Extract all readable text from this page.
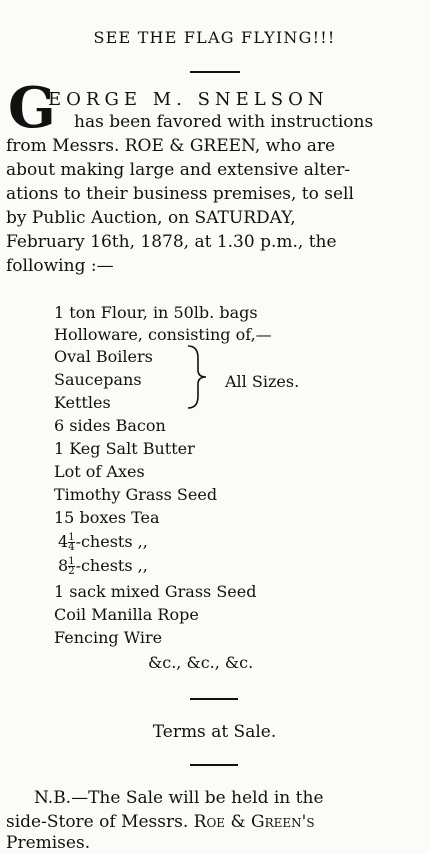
SEE THE FLAG FLYING!!!
G
EORGE M. SNELSON
has been favored with instructions
from Messrs. ROE & GREEN, who are
about making large and extensive alter-
ations to their business premises, to sell
by Public Auction, on SATURDAY,
February 16th, 1878, at 1.30 p.m., the
following :—
1 ton Flour, in 50lb. bags
Holloware, consisting of,—
Oval Boilers
Saucepans
Kettles
All Sizes.
6 sides Bacon
1 Keg Salt Butter
Lot of Axes
Timothy Grass Seed
15 boxes Tea
$4 \frac{1}{4}$ -chests ,,
$8 \frac{1}{2}$ -chests ,,
1 sack mixed Grass Seed
Coil Manilla Rope
Fencing Wire
&c., &c., &c.
Terms at Sale.
N.B.—The Sale will be held in the
side-Store of Messrs. Roe & Green's
Premises.
